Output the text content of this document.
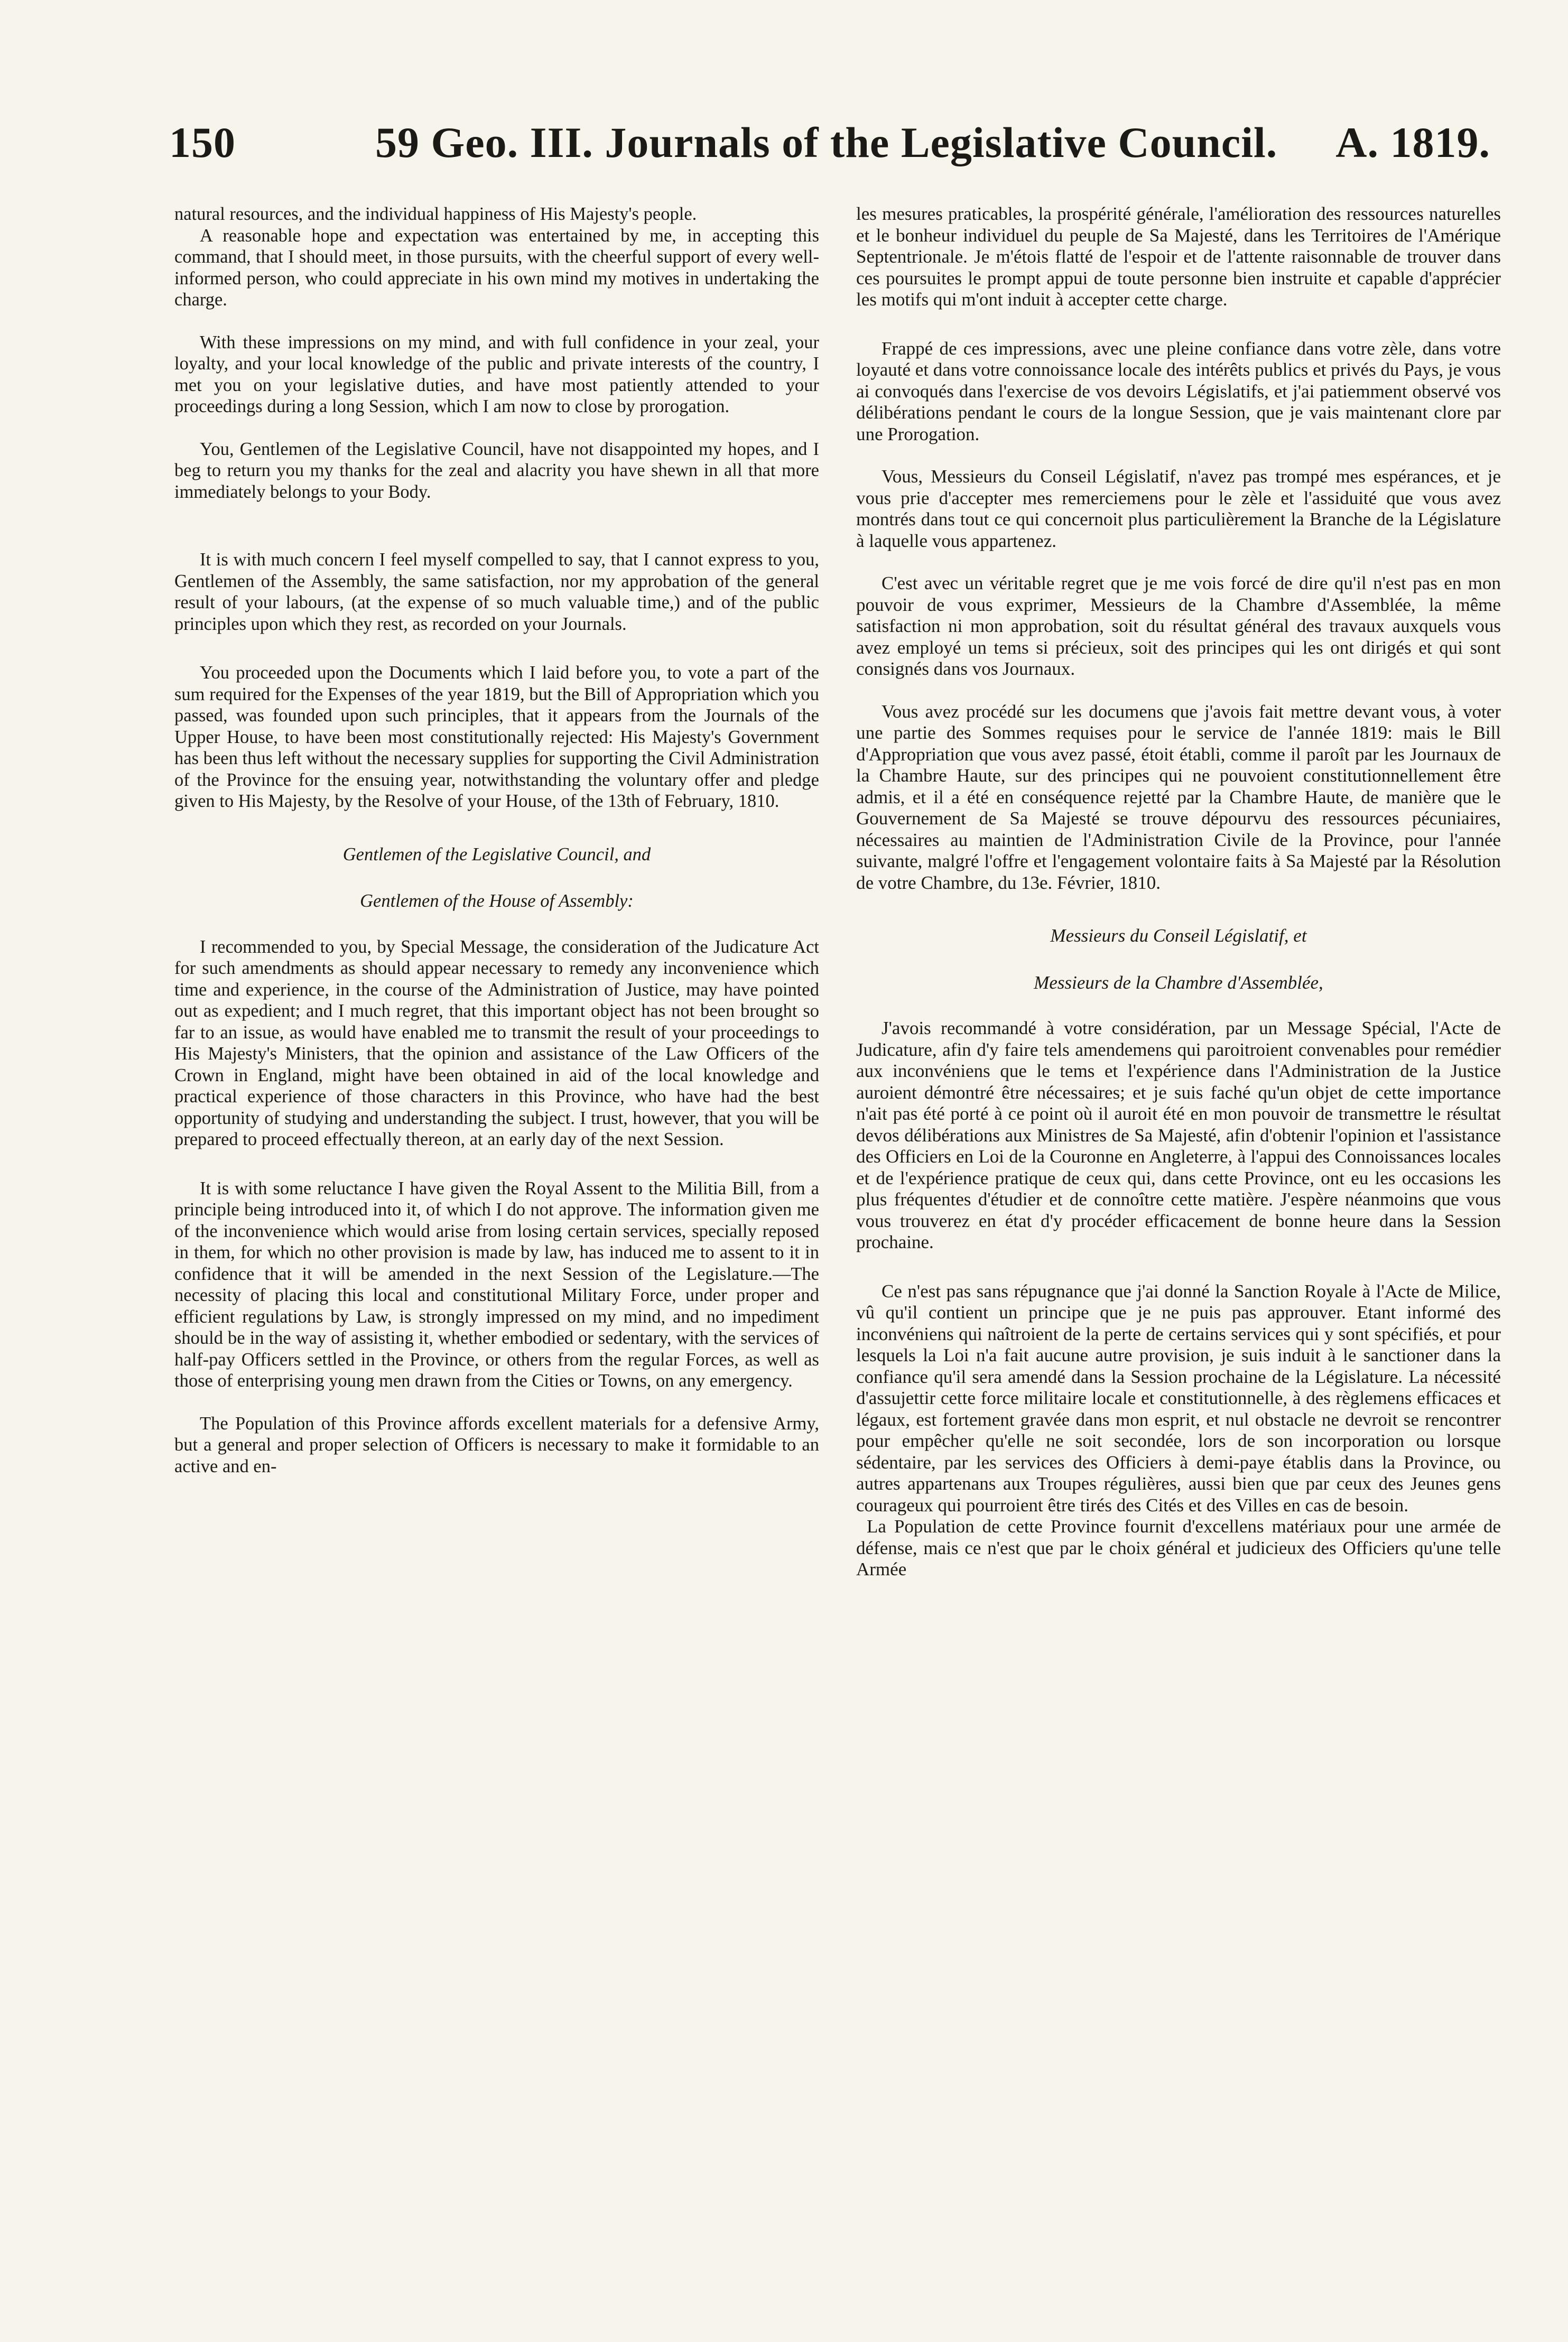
150	59 Geo. III. Journals of the Legislative Council. A. 1819.

natural resources, and the individual happiness of His Majesty's people.

A reasonable hope and expectation was entertained by me, in accepting this command, that I should meet, in those pursuits, with the cheerful support of every well-informed person, who could appreciate in his own mind my motives in undertaking the charge.

With these impressions on my mind, and with full confidence in your zeal, your loyalty, and your local knowledge of the public and private interests of the country, I met you on your legislative duties, and have most patiently attended to your proceedings during a long Session, which I am now to close by prorogation.

You, Gentlemen of the Legislative Council, have not disappointed my hopes, and I beg to return you my thanks for the zeal and alacrity you have shewn in all that more immediately belongs to your Body.

It is with much concern I feel myself compelled to say, that I cannot express to you, Gentlemen of the Assembly, the same satisfaction, nor my approbation of the general result of your labours, (at the expense of so much valuable time,) and of the public principles upon which they rest, as recorded on your Journals.

You proceeded upon the Documents which I laid before you, to vote a part of the sum required for the Expenses of the year 1819, but the Bill of Appropriation which you passed, was founded upon such principles, that it appears from the Journals of the Upper House, to have been most constitutionally rejected: His Majesty's Government has been thus left without the necessary supplies for supporting the Civil Administration of the Province for the ensuing year, notwithstanding the voluntary offer and pledge given to His Majesty, by the Resolve of your House, of the 13th of February, 1810.

Gentlemen of the Legislative Council, and

Gentlemen of the House of Assembly:

I recommended to you, by Special Message, the consideration of the Judicature Act for such amendments as should appear necessary to remedy any inconvenience which time and experience, in the course of the Administration of Justice, may have pointed out as expedient; and I much regret, that this important object has not been brought so far to an issue, as would have enabled me to transmit the result of your proceedings to His Majesty's Ministers, that the opinion and assistance of the Law Officers of the Crown in England, might have been obtained in aid of the local knowledge and practical experience of those characters in this Province, who have had the best opportunity of studying and understanding the subject. I trust, however, that you will be prepared to proceed effectually thereon, at an early day of the next Session.

It is with some reluctance I have given the Royal Assent to the Militia Bill, from a principle being introduced into it, of which I do not approve. The information given me of the inconvenience which would arise from losing certain services, specially reposed in them, for which no other provision is made by law, has induced me to assent to it in confidence that it will be amended in the next Session of the Legislature.—The necessity of placing this local and constitutional Military Force, under proper and efficient regulations by Law, is strongly impressed on my mind, and no impediment should be in the way of assisting it, whether embodied or sedentary, with the services of half-pay Officers settled in the Province, or others from the regular Forces, as well as those of enterprising young men drawn from the Cities or Towns, on any emergency.

The Population of this Province affords excellent materials for a defensive Army, but a general and proper selection of Officers is necessary to make it formidable to an active and en-

les mesures praticables, la prospérité générale, l'amélioration des ressources naturelles et le bonheur individuel du peuple de Sa Majesté, dans les Territoires de l'Amérique Septentrionale. Je m'étois flatté de l'espoir et de l'attente raisonnable de trouver dans ces poursuites le prompt appui de toute personne bien instruite et capable d'apprécier les motifs qui m'ont induit à accepter cette charge.

Frappé de ces impressions, avec une pleine confiance dans votre zèle, dans votre loyauté et dans votre connoissance locale des intérêts publics et privés du Pays, je vous ai convoqués dans l'exercise de vos devoirs Législatifs, et j'ai patiemment observé vos délibérations pendant le cours de la longue Session, que je vais maintenant clore par une Prorogation.

Vous, Messieurs du Conseil Législatif, n'avez pas trompé mes espérances, et je vous prie d'accepter mes remerciemens pour le zèle et l'assiduité que vous avez montrés dans tout ce qui concernoit plus particulièrement la Branche de la Législature à laquelle vous appartenez.

C'est avec un véritable regret que je me vois forcé de dire qu'il n'est pas en mon pouvoir de vous exprimer, Messieurs de la Chambre d'Assemblée, la même satisfaction ni mon approbation, soit du résultat général des travaux auxquels vous avez employé un tems si précieux, soit des principes qui les ont dirigés et qui sont consignés dans vos Journaux.

Vous avez procédé sur les documens que j'avois fait mettre devant vous, à voter une partie des Sommes requises pour le service de l'année 1819: mais le Bill d'Appropriation que vous avez passé, étoit établi, comme il paroît par les Journaux de la Chambre Haute, sur des principes qui ne pouvoient constitutionnellement être admis, et il a été en conséquence rejetté par la Chambre Haute, de manière que le Gouvernement de Sa Majesté se trouve dépourvu des ressources pécuniaires, nécessaires au maintien de l'Administration Civile de la Province, pour l'année suivante, malgré l'offre et l'engagement volontaire faits à Sa Majesté par la Résolution de votre Chambre, du 13e. Février, 1810.

Messieurs du Conseil Législatif, et

Messieurs de la Chambre d'Assemblée,

J'avois recommandé à votre considération, par un Message Spécial, l'Acte de Judicature, afin d'y faire tels amendemens qui paroitroient convenables pour remédier aux inconvéniens que le tems et l'expérience dans l'Administration de la Justice auroient démontré être nécessaires; et je suis faché qu'un objet de cette importance n'ait pas été porté à ce point où il auroit été en mon pouvoir de transmettre le résultat devos délibérations aux Ministres de Sa Majesté, afin d'obtenir l'opinion et l'assistance des Officiers en Loi de la Couronne en Angleterre, à l'appui des Connoissances locales et de l'expérience pratique de ceux qui, dans cette Province, ont eu les occasions les plus fréquentes d'étudier et de connoître cette matière. J'espère néanmoins que vous vous trouverez en état d'y procéder efficacement de bonne heure dans la Session prochaine.

Ce n'est pas sans répugnance que j'ai donné la Sanction Royale à l'Acte de Milice, vû qu'il contient un principe que je ne puis pas approuver. Etant informé des inconvéniens qui naîtroient de la perte de certains services qui y sont spécifiés, et pour lesquels la Loi n'a fait aucune autre provision, je suis induit à le sanctioner dans la confiance qu'il sera amendé dans la Session prochaine de la Législature. La nécessité d'assujettir cette force militaire locale et constitutionnelle, à des règlemens efficaces et légaux, est fortement gravée dans mon esprit, et nul obstacle ne devroit se rencontrer pour empêcher qu'elle ne soit secondée, lors de son incorporation ou lorsque sédentaire, par les services des Officiers à demi-paye établis dans la Province, ou autres appartenans aux Troupes régulières, aussi bien que par ceux des Jeunes gens courageux qui pourroient être tirés des Cités et des Villes en cas de besoin.

La Population de cette Province fournit d'excellens matériaux pour une armée de défense, mais ce n'est que par le choix général et judicieux des Officiers qu'une telle Armée
